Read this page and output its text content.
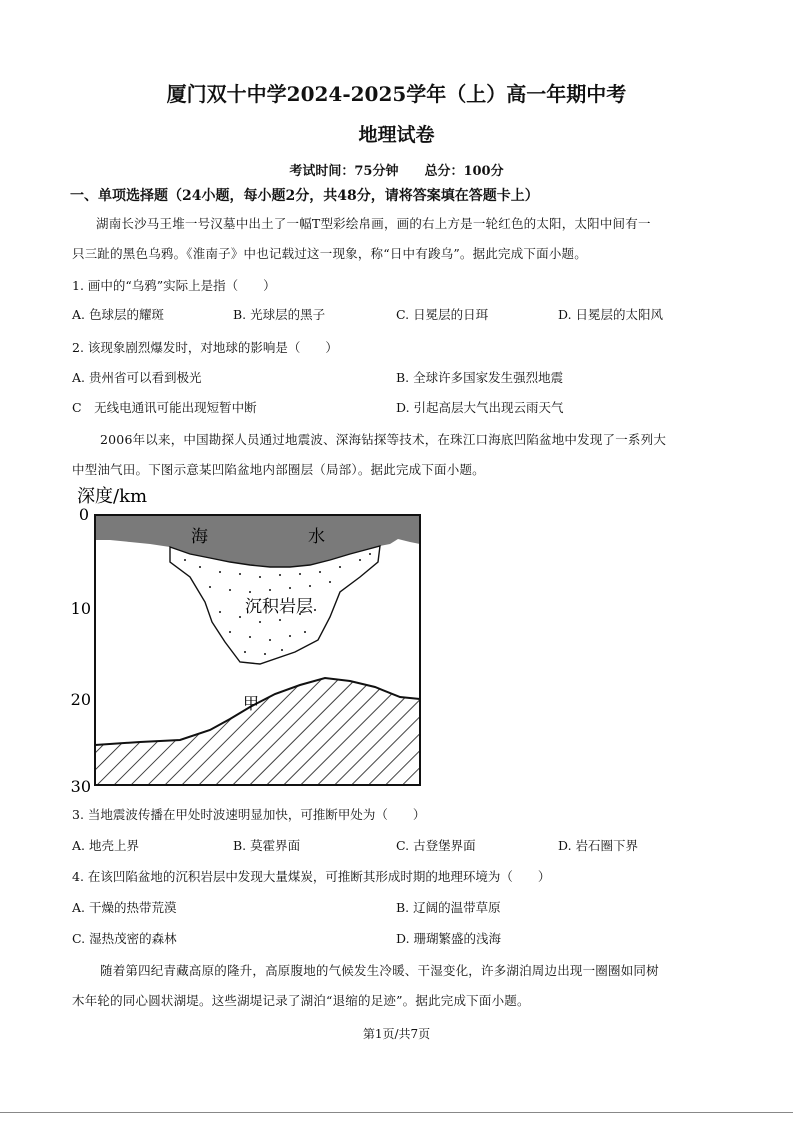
厦门双十中学2024-2025学年（上）高一年期中考
地理试卷
考试时间：75分钟　　总分：100分
一、单项选择题（24小题，每小题2分，共48分，请将答案填在答题卡上）
湖南长沙马王堆一号汉墓中出土了一幅T型彩绘帛画，画的右上方是一轮红色的太阳，太阳中间有一
只三趾的黑色乌鸦。《淮南子》中也记载过这一现象，称“日中有踆乌”。据此完成下面小题。
1. 画中的“乌鸦”实际上是指（　　）
A. 色球层的耀斑	B. 光球层的黑子	C. 日冕层的日珥	D. 日冕层的太阳风
2. 该现象剧烈爆发时，对地球的影响是（　　）
A. 贵州省可以看到极光	B. 全球许多国家发生强烈地震
C　无线电通讯可能出现短暂中断	D. 引起高层大气出现云雨天气
2006年以来，中国勘探人员通过地震波、深海钻探等技术，在珠江口海底凹陷盆地中发现了一系列大
中型油气田。下图示意某凹陷盆地内部圈层（局部）。据此完成下面小题。
深度/km
0
10
20
30
海	水
沉积岩层
甲
3. 当地震波传播在甲处时波速明显加快，可推断甲处为（　　）
A. 地壳上界	B. 莫霍界面	C. 古登堡界面	D. 岩石圈下界
4. 在该凹陷盆地的沉积岩层中发现大量煤炭，可推断其形成时期的地理环境为（　　）
A. 干燥的热带荒漠	B. 辽阔的温带草原
C. 湿热茂密的森林	D. 珊瑚繁盛的浅海
随着第四纪青藏高原的隆升，高原腹地的气候发生冷暖、干湿变化，许多湖泊周边出现一圈圈如同树
木年轮的同心圆状湖堤。这些湖堤记录了湖泊“退缩的足迹”。据此完成下面小题。
第1页/共7页
